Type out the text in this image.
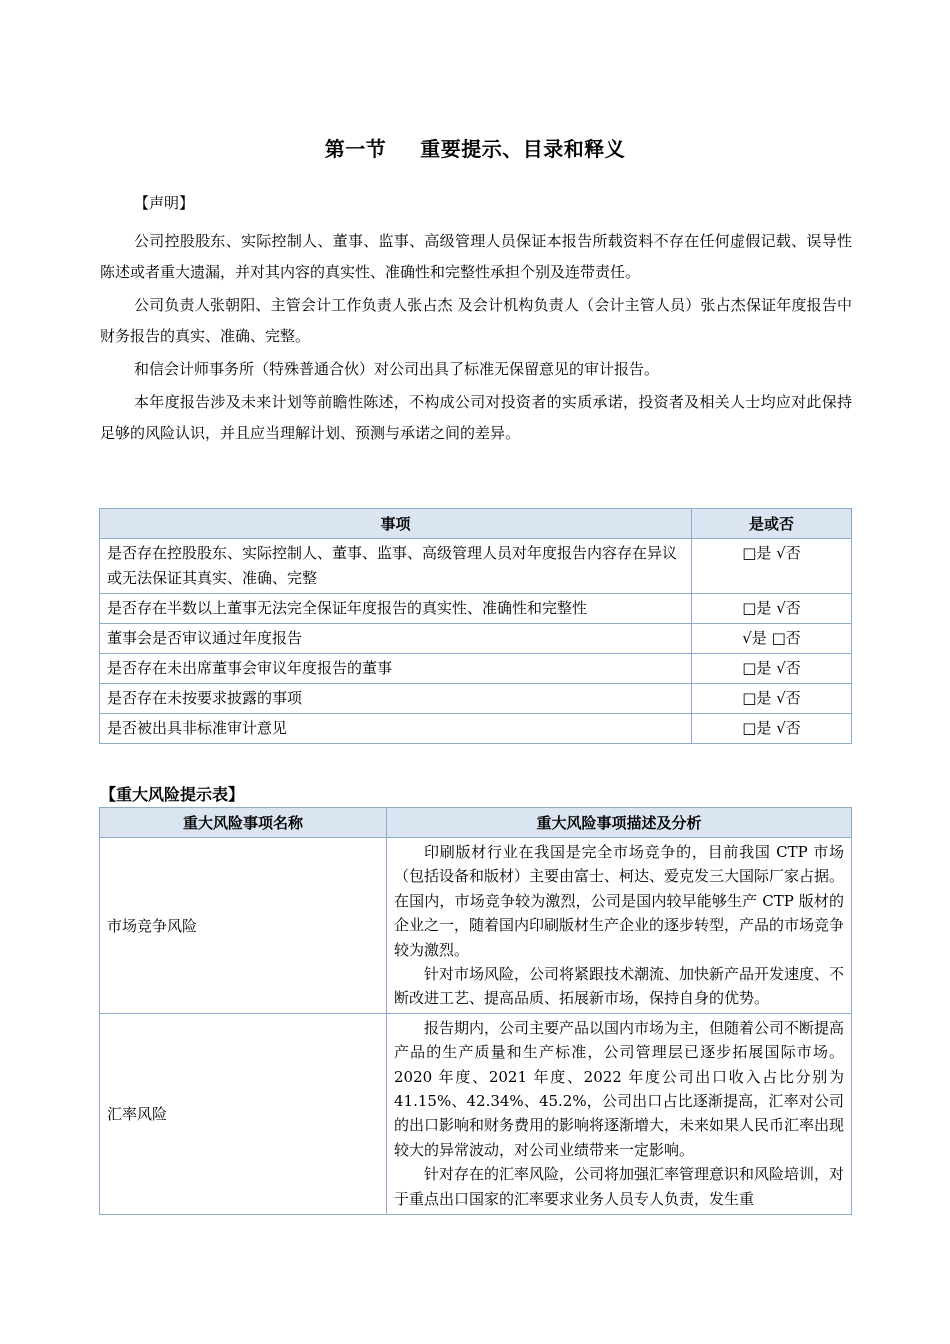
第一节 重要提示、目录和释义
【声明】

公司控股股东、实际控制人、董事、监事、高级管理人员保证本报告所载资料不存在任何虚假记载、误导性陈述或者重大遗漏，并对其内容的真实性、准确性和完整性承担个别及连带责任。

公司负责人张朝阳、主管会计工作负责人张占杰 及会计机构负责人（会计主管人员）张占杰保证年度报告中财务报告的真实、准确、完整。

和信会计师事务所（特殊普通合伙）对公司出具了标准无保留意见的审计报告。

本年度报告涉及未来计划等前瞻性陈述，不构成公司对投资者的实质承诺，投资者及相关人士均应对此保持足够的风险认识，并且应当理解计划、预测与承诺之间的差异。

事项	是或否
是否存在控股股东、实际控制人、董事、监事、高级管理人员对年度报告内容存在异议或无法保证其真实、准确、完整	□是 √否
是否存在半数以上董事无法完全保证年度报告的真实性、准确性和完整性	□是 √否
董事会是否审议通过年度报告	√是 □否
是否存在未出席董事会审议年度报告的董事	□是 √否
是否存在未按要求披露的事项	□是 √否
是否被出具非标准审计意见	□是 √否
【重大风险提示表】
重大风险事项名称	重大风险事项描述及分析
市场竞争风险	印刷版材行业在我国是完全市场竞争的，目前我国 CTP 市场（包括设备和版材）主要由富士、柯达、爱克发三大国际厂家占据。在国内，市场竞争较为激烈，公司是国内较早能够生产 CTP 版材的企业之一，随着国内印刷版材生产企业的逐步转型，产品的市场竞争较为激烈。

针对市场风险，公司将紧跟技术潮流、加快新产品开发速度、不断改进工艺、提高品质、拓展新市场，保持自身的优势。

汇率风险	报告期内，公司主要产品以国内市场为主，但随着公司不断提高产品的生产质量和生产标准，公司管理层已逐步拓展国际市场。2020 年度、2021 年度、2022 年度公司出口收入占比分别为 41.15%、42.34%、45.2%，公司出口占比逐渐提高，汇率对公司的出口影响和财务费用的影响将逐渐增大，未来如果人民币汇率出现较大的异常波动，对公司业绩带来一定影响。

针对存在的汇率风险，公司将加强汇率管理意识和风险培训，对于重点出口国家的汇率要求业务人员专人负责，发生重
